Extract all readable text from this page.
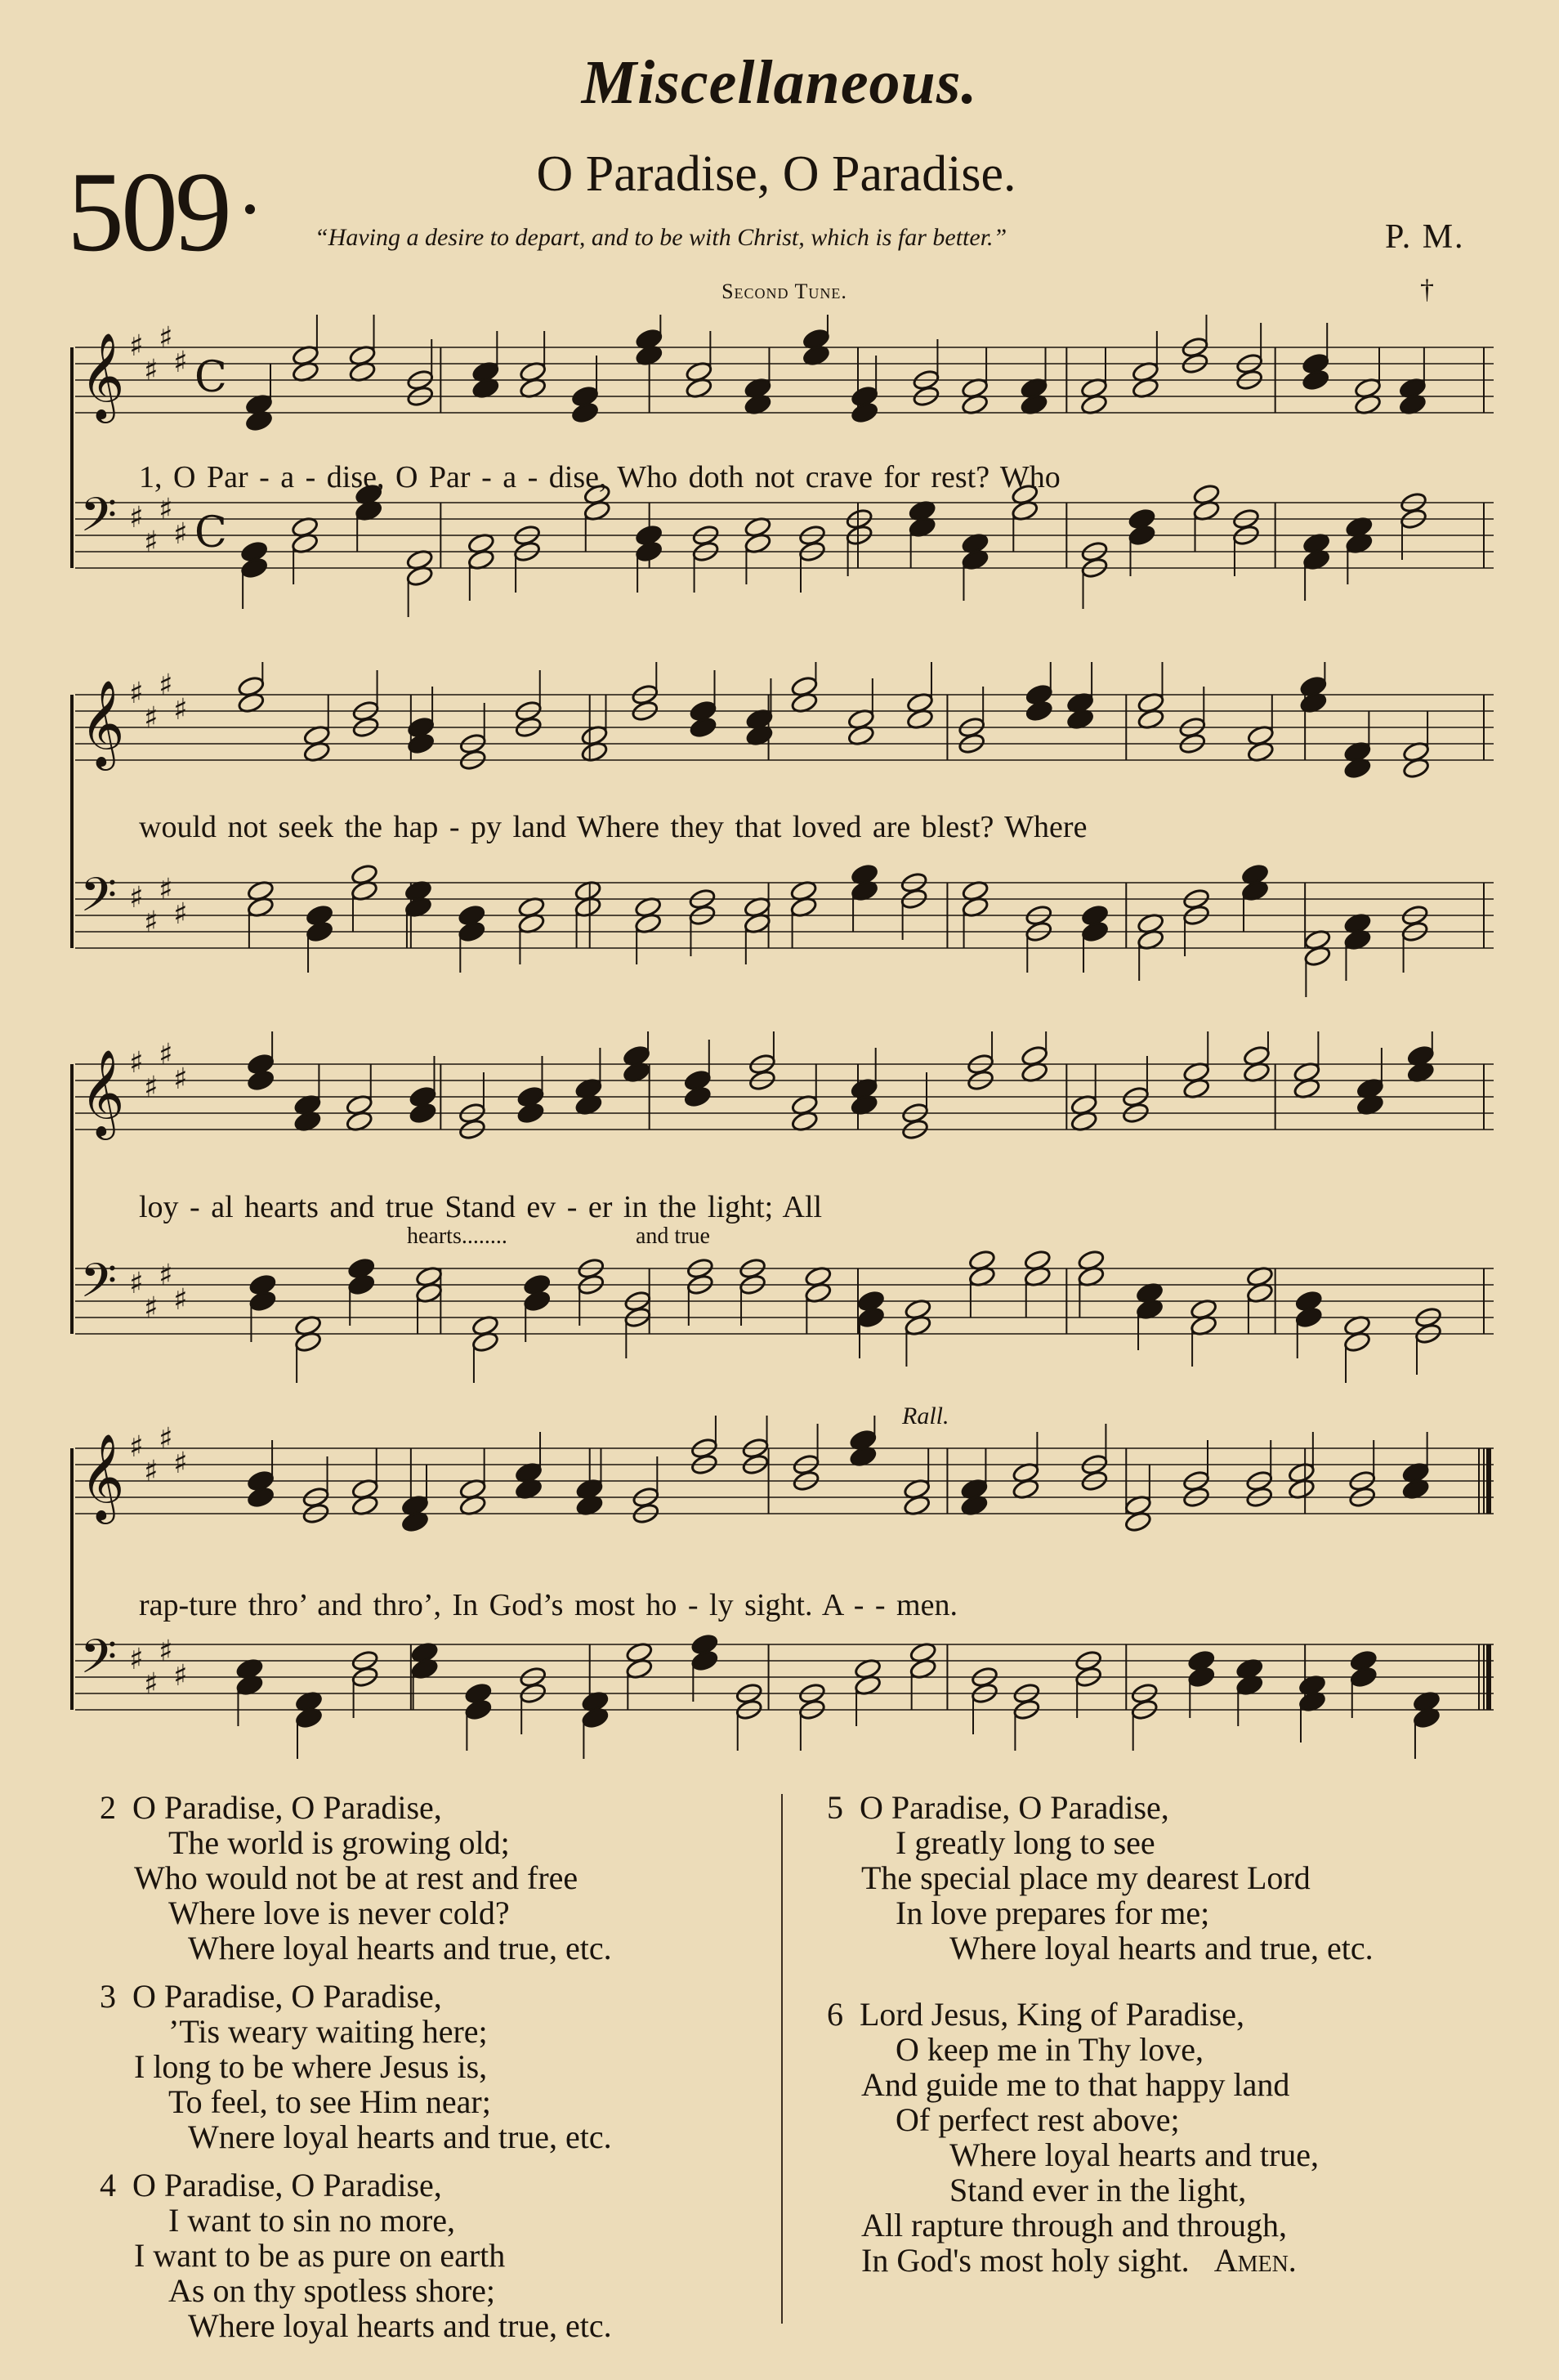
Miscellaneous.
509	O Paradise, O Paradise.
“Having a desire to depart, and to be with Christ, which is far better.”	P. M.
Second Tune.	†
𝄞 ♯
♯
♯
♯ C
𝄢 ♯
♯
♯
♯ C
1, O Par - a - dise, O Par - a - dise, Who doth not crave for rest? Who
𝄞 ♯
♯
♯
♯
𝄢 ♯
♯
♯
♯
would not seek the hap - py land Where they that loved are blest? Where
𝄞 ♯
♯
♯
♯
𝄢 ♯
♯
♯
♯
loy - al hearts and true Stand ev - er in the light; All
hearts........	and true
Rall.
𝄞 ♯
♯
♯
♯
𝄢 ♯
♯
♯
♯
rap-ture thro’ and thro’, In God’s most ho - ly sight. A - - men.
2 O Paradise, O Paradise,
The world is growing old;
Who would not be at rest and free
Where love is never cold?
Where loyal hearts and true, etc.
3 O Paradise, O Paradise,
’Tis weary waiting here;
I long to be where Jesus is,
To feel, to see Him near;
Wnere loyal hearts and true, etc.
4 O Paradise, O Paradise,
I want to sin no more,
I want to be as pure on earth
As on thy spotless shore;
Where loyal hearts and true, etc.
5 O Paradise, O Paradise,
I greatly long to see
The special place my dearest Lord
In love prepares for me;
Where loyal hearts and true, etc.
6 Lord Jesus, King of Paradise,
O keep me in Thy love,
And guide me to that happy land
Of perfect rest above;
Where loyal hearts and true,
Stand ever in the light,
All rapture through and through,
In God's most holy sight. Amen.
